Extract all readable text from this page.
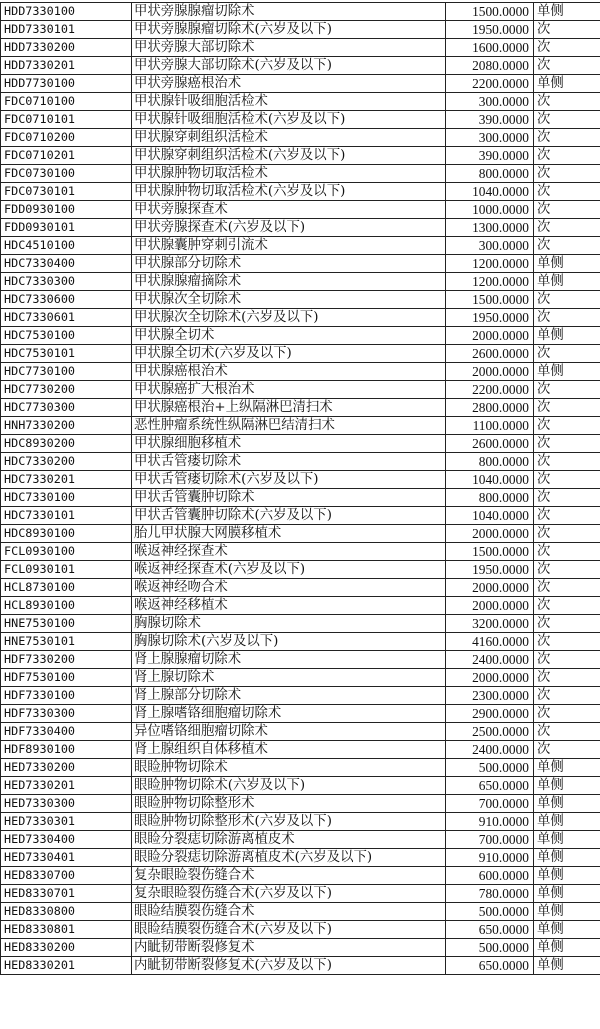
HDD7330100	甲状旁腺腺瘤切除术	1500.0000	单侧
HDD7330101	甲状旁腺腺瘤切除术(六岁及以下)	1950.0000	次
HDD7330200	甲状旁腺大部切除术	1600.0000	次
HDD7330201	甲状旁腺大部切除术(六岁及以下)	2080.0000	次
HDD7730100	甲状旁腺癌根治术	2200.0000	单侧
FDC0710100	甲状腺针吸细胞活检术	300.0000	次
FDC0710101	甲状腺针吸细胞活检术(六岁及以下)	390.0000	次
FDC0710200	甲状腺穿刺组织活检术	300.0000	次
FDC0710201	甲状腺穿刺组织活检术(六岁及以下)	390.0000	次
FDC0730100	甲状腺肿物切取活检术	800.0000	次
FDC0730101	甲状腺肿物切取活检术(六岁及以下)	1040.0000	次
FDD0930100	甲状旁腺探查术	1000.0000	次
FDD0930101	甲状旁腺探查术(六岁及以下)	1300.0000	次
HDC4510100	甲状腺囊肿穿刺引流术	300.0000	次
HDC7330400	甲状腺部分切除术	1200.0000	单侧
HDC7330300	甲状腺腺瘤摘除术	1200.0000	单侧
HDC7330600	甲状腺次全切除术	1500.0000	次
HDC7330601	甲状腺次全切除术(六岁及以下)	1950.0000	次
HDC7530100	甲状腺全切术	2000.0000	单侧
HDC7530101	甲状腺全切术(六岁及以下)	2600.0000	次
HDC7730100	甲状腺癌根治术	2000.0000	单侧
HDC7730200	甲状腺癌扩大根治术	2200.0000	次
HDC7730300	甲状腺癌根治+上纵隔淋巴清扫术	2800.0000	次
HNH7330200	恶性肿瘤系统性纵隔淋巴结清扫术	1100.0000	次
HDC8930200	甲状腺细胞移植术	2600.0000	次
HDC7330200	甲状舌管瘘切除术	800.0000	次
HDC7330201	甲状舌管瘘切除术(六岁及以下)	1040.0000	次
HDC7330100	甲状舌管囊肿切除术	800.0000	次
HDC7330101	甲状舌管囊肿切除术(六岁及以下)	1040.0000	次
HDC8930100	胎儿甲状腺大网膜移植术	2000.0000	次
FCL0930100	喉返神经探查术	1500.0000	次
FCL0930101	喉返神经探查术(六岁及以下)	1950.0000	次
HCL8730100	喉返神经吻合术	2000.0000	次
HCL8930100	喉返神经移植术	2000.0000	次
HNE7530100	胸腺切除术	3200.0000	次
HNE7530101	胸腺切除术(六岁及以下)	4160.0000	次
HDF7330200	肾上腺腺瘤切除术	2400.0000	次
HDF7530100	肾上腺切除术	2000.0000	次
HDF7330100	肾上腺部分切除术	2300.0000	次
HDF7330300	肾上腺嗜铬细胞瘤切除术	2900.0000	次
HDF7330400	异位嗜铬细胞瘤切除术	2500.0000	次
HDF8930100	肾上腺组织自体移植术	2400.0000	次
HED7330200	眼睑肿物切除术	500.0000	单侧
HED7330201	眼睑肿物切除术(六岁及以下)	650.0000	单侧
HED7330300	眼睑肿物切除整形术	700.0000	单侧
HED7330301	眼睑肿物切除整形术(六岁及以下)	910.0000	单侧
HED7330400	眼睑分裂痣切除游离植皮术	700.0000	单侧
HED7330401	眼睑分裂痣切除游离植皮术(六岁及以下)	910.0000	单侧
HED8330700	复杂眼睑裂伤缝合术	600.0000	单侧
HED8330701	复杂眼睑裂伤缝合术(六岁及以下)	780.0000	单侧
HED8330800	眼睑结膜裂伤缝合术	500.0000	单侧
HED8330801	眼睑结膜裂伤缝合术(六岁及以下)	650.0000	单侧
HED8330200	内眦韧带断裂修复术	500.0000	单侧
HED8330201	内眦韧带断裂修复术(六岁及以下)	650.0000	单侧
